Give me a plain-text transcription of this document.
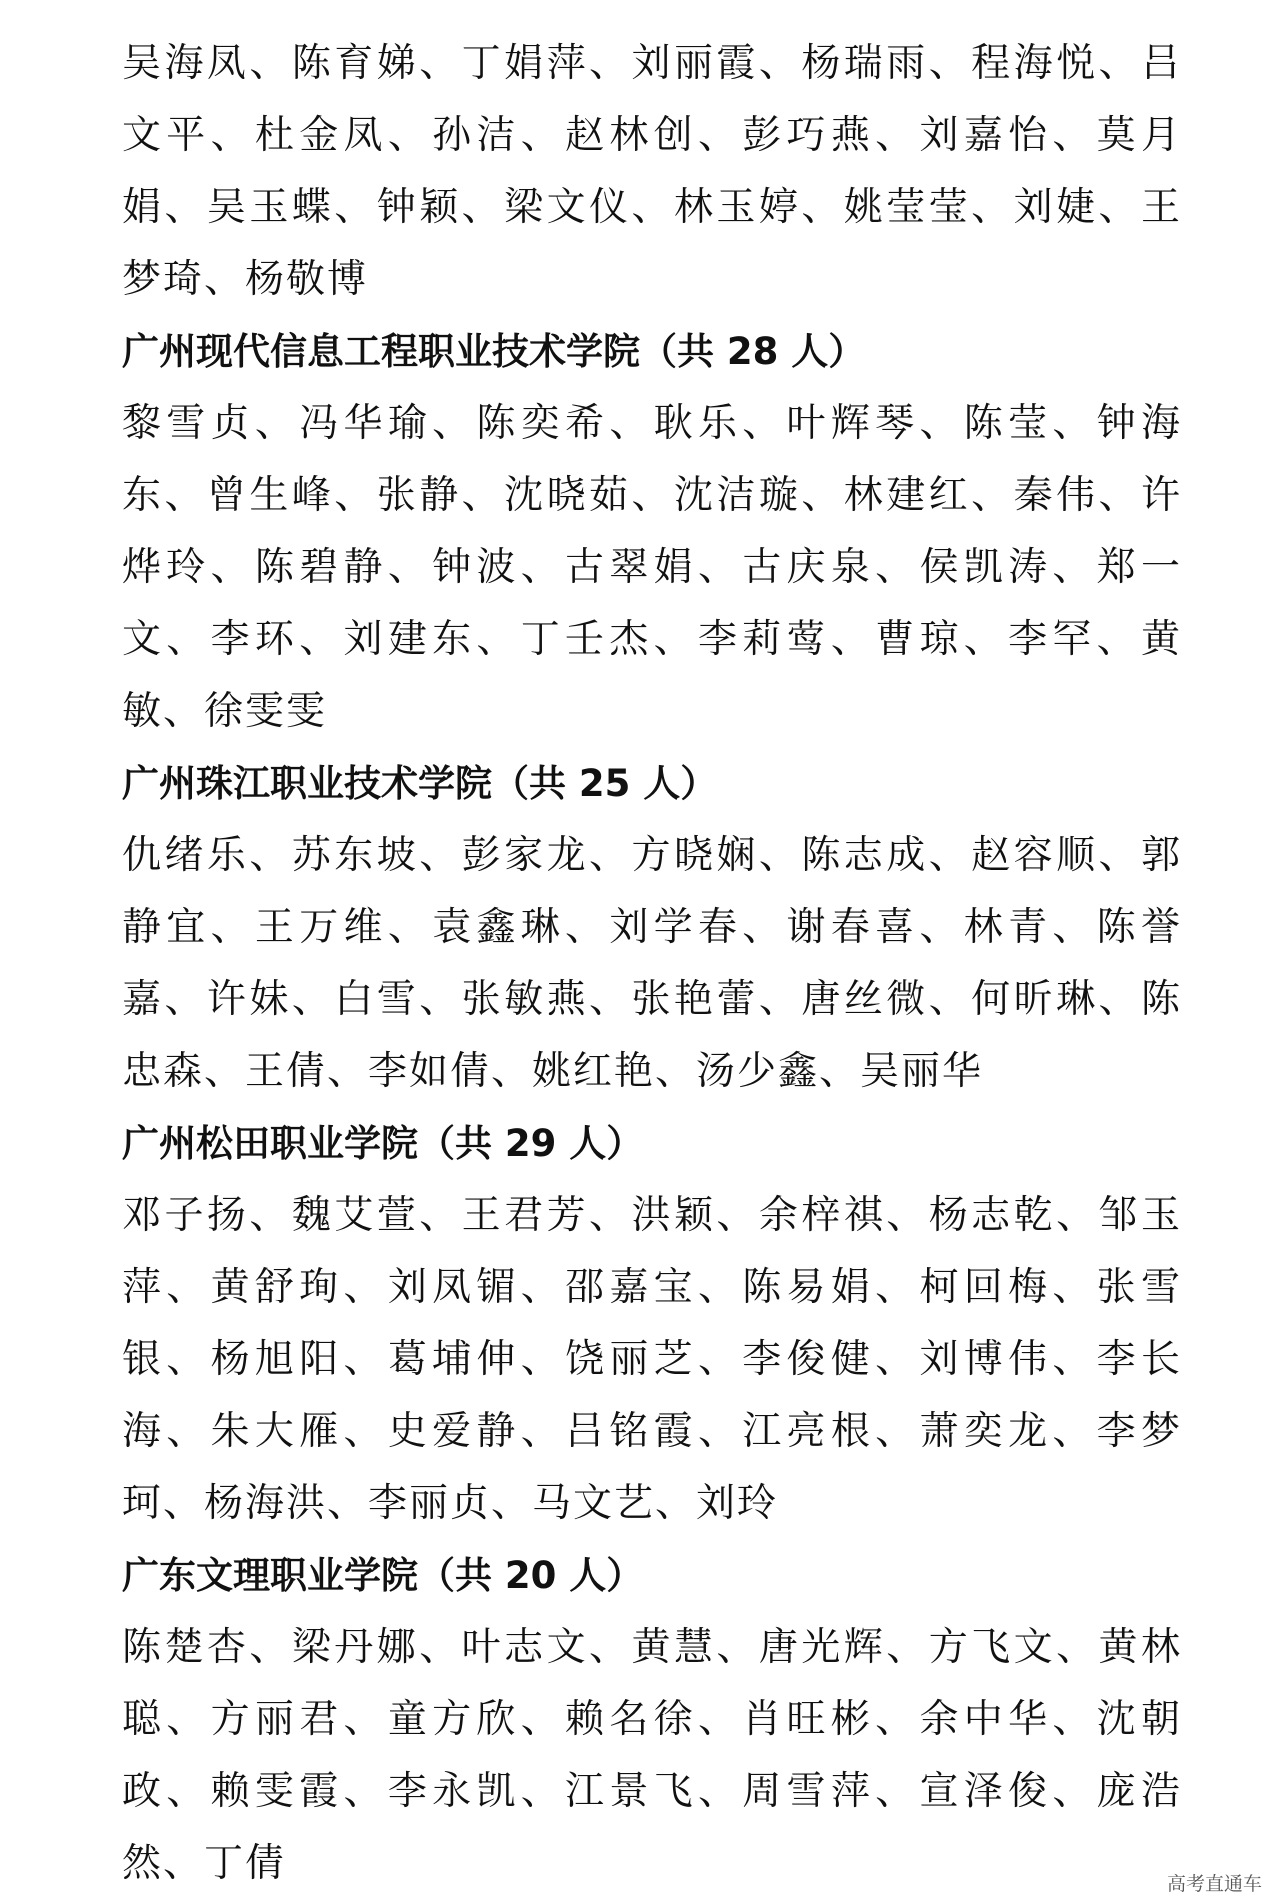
吴海凤、陈育娣、丁娟萍、刘丽霞、杨瑞雨、程海悦、吕文平、杜金凤、孙洁、赵林创、彭巧燕、刘嘉怡、莫月娟、吴玉蝶、钟颖、梁文仪、林玉婷、姚莹莹、刘婕、王梦琦、杨敬博

广州现代信息工程职业技术学院（共 28 人）

黎雪贞、冯华瑜、陈奕希、耿乐、叶辉琴、陈莹、钟海东、曾生峰、张静、沈晓茹、沈洁璇、林建红、秦伟、许烨玲、陈碧静、钟波、古翠娟、古庆泉、侯凯涛、郑一文、李环、刘建东、丁壬杰、李莉莺、曹琼、李罕、黄敏、徐雯雯

广州珠江职业技术学院（共 25 人）

仇绪乐、苏东坡、彭家龙、方晓娴、陈志成、赵容顺、郭静宜、王万维、袁鑫琳、刘学春、谢春喜、林青、陈誉嘉、许妹、白雪、张敏燕、张艳蕾、唐丝微、何昕琳、陈忠森、王倩、李如倩、姚红艳、汤少鑫、吴丽华

广州松田职业学院（共 29 人）

邓子扬、魏艾萱、王君芳、洪颖、余梓祺、杨志乾、邹玉萍、黄舒珣、刘凤镅、邵嘉宝、陈易娟、柯回梅、张雪银、杨旭阳、葛埔伸、饶丽芝、李俊健、刘博伟、李长海、朱大雁、史爱静、吕铭霞、江亮根、萧奕龙、李梦珂、杨海洪、李丽贞、马文艺、刘玲

广东文理职业学院（共 20 人）

陈楚杏、梁丹娜、叶志文、黄慧、唐光辉、方飞文、黄林聪、方丽君、童方欣、赖名徐、肖旺彬、余中华、沈朝政、赖雯霞、李永凯、江景飞、周雪萍、宣泽俊、庞浩然、丁倩	高考直通车
